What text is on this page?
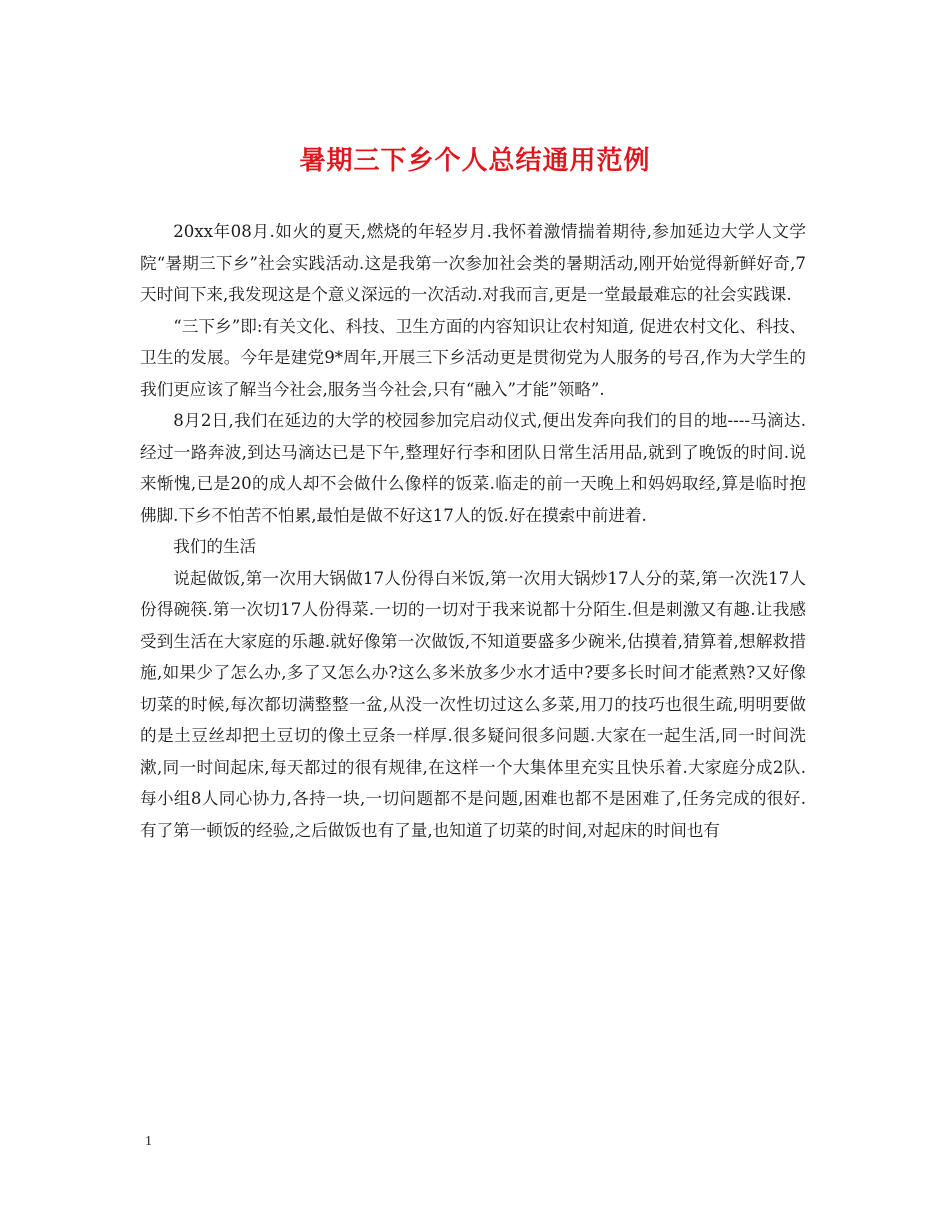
暑期三下乡个人总结通用范例

20xx年08月.如火的夏天,燃烧的年轻岁月.我怀着激情揣着期待,参加延边大学人文学院“暑期三下乡”社会实践活动.这是我第一次参加社会类的暑期活动,刚开始觉得新鲜好奇,7天时间下来,我发现这是个意义深远的一次活动.对我而言,更是一堂最最难忘的社会实践课.

“三下乡”即:有关文化、科技、卫生方面的内容知识让农村知道, 促进农村文化、科技、卫生的发展。今年是建党9*周年,开展三下乡活动更是贯彻党为人服务的号召,作为大学生的我们更应该了解当今社会,服务当今社会,只有“融入”才能”领略”.

8月2日,我们在延边的大学的校园参加完启动仪式,便出发奔向我们的目的地----马滴达.经过一路奔波,到达马滴达已是下午,整理好行李和团队日常生活用品,就到了晚饭的时间.说来惭愧,已是20的成人却不会做什么像样的饭菜.临走的前一天晚上和妈妈取经,算是临时抱佛脚.下乡不怕苦不怕累,最怕是做不好这17人的饭.好在摸索中前进着.

我们的生活

说起做饭,第一次用大锅做17人份得白米饭,第一次用大锅炒17人分的菜,第一次洗17人份得碗筷.第一次切17人份得菜.一切的一切对于我来说都十分陌生.但是刺激又有趣.让我感受到生活在大家庭的乐趣.就好像第一次做饭,不知道要盛多少碗米,估摸着,猜算着,想解救措施,如果少了怎么办,多了又怎么办?这么多米放多少水才适中?要多长时间才能煮熟?又好像切菜的时候,每次都切满整整一盆,从没一次性切过这么多菜,用刀的技巧也很生疏,明明要做的是土豆丝却把土豆切的像土豆条一样厚.很多疑问很多问题.大家在一起生活,同一时间洗漱,同一时间起床,每天都过的很有规律,在这样一个大集体里充实且快乐着.大家庭分成2队.每小组8人同心协力,各持一块,一切问题都不是问题,困难也都不是困难了,任务完成的很好.有了第一顿饭的经验,之后做饭也有了量,也知道了切菜的时间,对起床的时间也有

1
